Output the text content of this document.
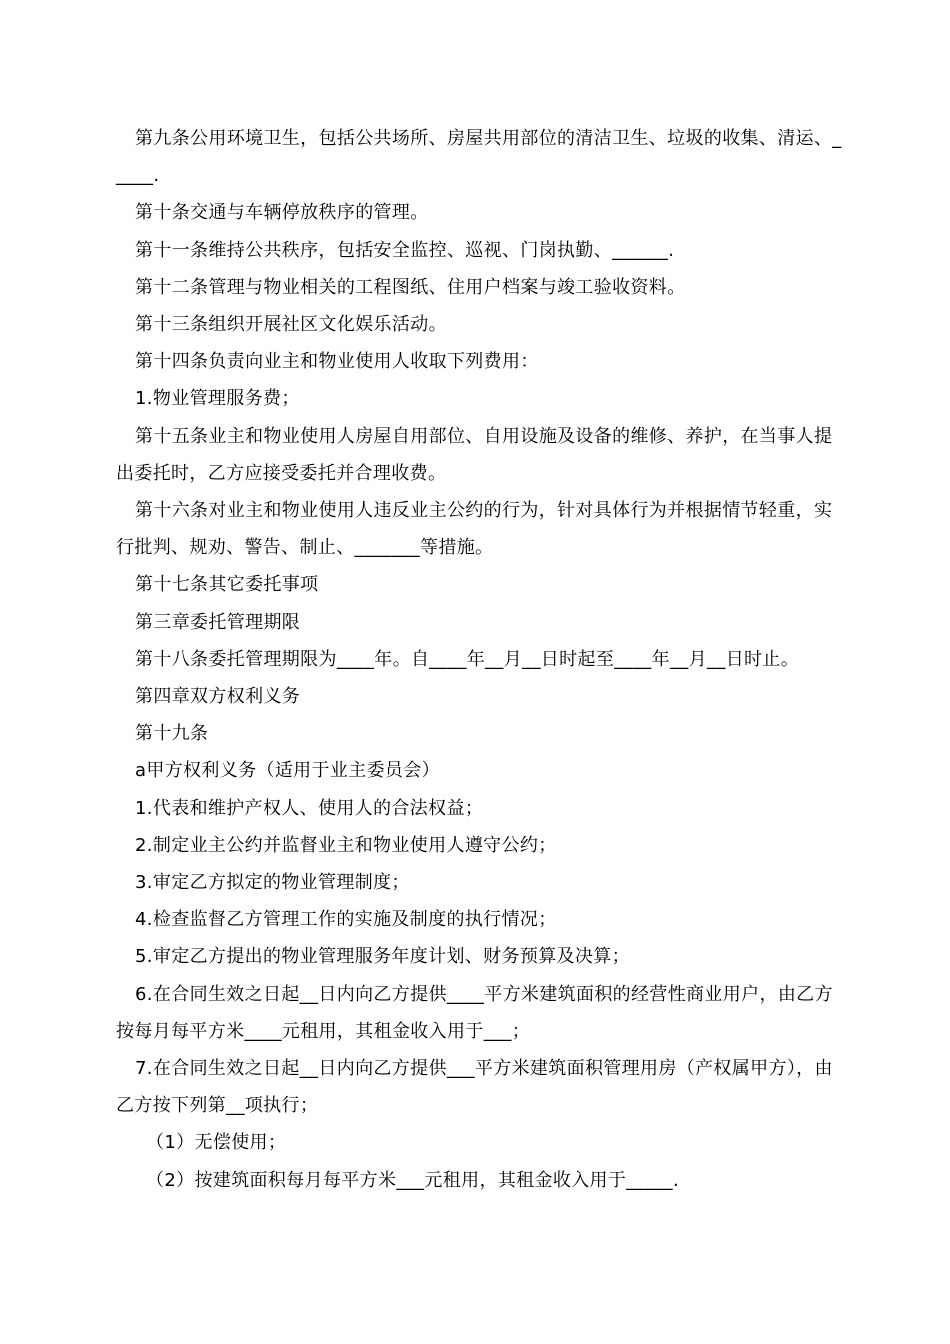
第九条公用环境卫生，包括公共场所、房屋共用部位的清洁卫生、垃圾的收集、清运、_____.

第十条交通与车辆停放秩序的管理。

第十一条维持公共秩序，包括安全监控、巡视、门岗执勤、______.

第十二条管理与物业相关的工程图纸、住用户档案与竣工验收资料。

第十三条组织开展社区文化娱乐活动。

第十四条负责向业主和物业使用人收取下列费用：

1.物业管理服务费；

第十五条业主和物业使用人房屋自用部位、自用设施及设备的维修、养护，在当事人提出委托时，乙方应接受委托并合理收费。

第十六条对业主和物业使用人违反业主公约的行为，针对具体行为并根据情节轻重，实行批判、规劝、警告、制止、_______等措施。

第十七条其它委托事项

第三章委托管理期限

第十八条委托管理期限为____年。自____年__月__日时起至____年__月__日时止。

第四章双方权利义务

第十九条

a甲方权利义务（适用于业主委员会）

1.代表和维护产权人、使用人的合法权益；

2.制定业主公约并监督业主和物业使用人遵守公约；

3.审定乙方拟定的物业管理制度；

4.检查监督乙方管理工作的实施及制度的执行情况；

5.审定乙方提出的物业管理服务年度计划、财务预算及决算；

6.在合同生效之日起__日内向乙方提供____平方米建筑面积的经营性商业用户，由乙方按每月每平方米____元租用，其租金收入用于___；

7.在合同生效之日起__日内向乙方提供___平方米建筑面积管理用房（产权属甲方），由乙方按下列第__项执行；

（1）无偿使用；

（2）按建筑面积每月每平方米___元租用，其租金收入用于_____.
